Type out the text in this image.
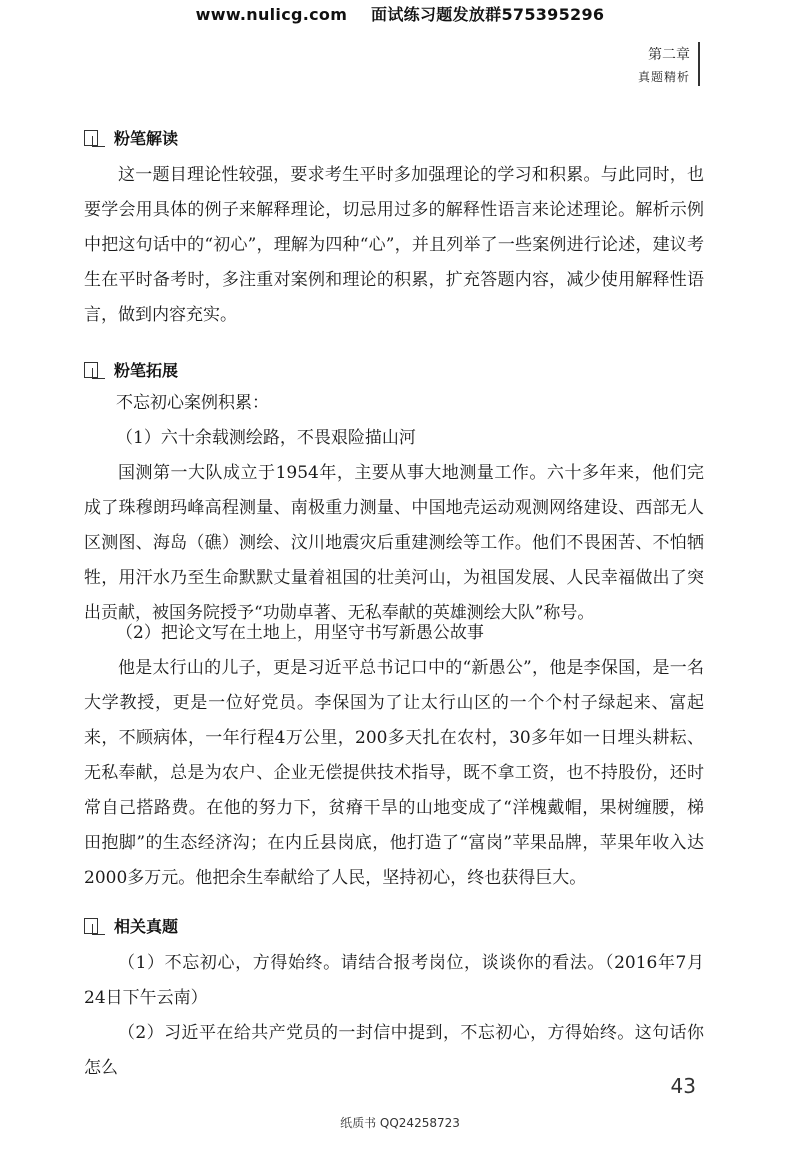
www.nulicg.com 面试练习题发放群575395296
第二章
真题精析
粉笔解读

这一题目理论性较强，要求考生平时多加强理论的学习和积累。与此同时，也要学会用具体的例子来解释理论，切忌用过多的解释性语言来论述理论。解析示例中把这句话中的“初心”，理解为四种“心”，并且列举了一些案例进行论述，建议考生在平时备考时，多注重对案例和理论的积累，扩充答题内容，减少使用解释性语言，做到内容充实。

粉笔拓展

不忘初心案例积累：

（1）六十余载测绘路，不畏艰险描山河

国测第一大队成立于1954年，主要从事大地测量工作。六十多年来，他们完成了珠穆朗玛峰高程测量、南极重力测量、中国地壳运动观测网络建设、西部无人区测图、海岛（礁）测绘、汶川地震灾后重建测绘等工作。他们不畏困苦、不怕牺牲，用汗水乃至生命默默丈量着祖国的壮美河山，为祖国发展、人民幸福做出了突出贡献，被国务院授予“功勋卓著、无私奉献的英雄测绘大队”称号。

（2）把论文写在土地上，用坚守书写新愚公故事

他是太行山的儿子，更是习近平总书记口中的“新愚公”，他是李保国，是一名大学教授，更是一位好党员。李保国为了让太行山区的一个个村子绿起来、富起来，不顾病体，一年行程4万公里，200多天扎在农村，30多年如一日埋头耕耘、无私奉献，总是为农户、企业无偿提供技术指导，既不拿工资，也不持股份，还时常自己搭路费。在他的努力下，贫瘠干旱的山地变成了“洋槐戴帽，果树缠腰，梯田抱脚”的生态经济沟；在内丘县岗底，他打造了“富岗”苹果品牌，苹果年收入达2000多万元。他把余生奉献给了人民，坚持初心，终也获得巨大。

相关真题

（1）不忘初心，方得始终。请结合报考岗位，谈谈你的看法。（2016年7月24日下午云南）

（2）习近平在给共产党员的一封信中提到，不忘初心，方得始终。这句话你怎么

43
纸质书 QQ24258723
